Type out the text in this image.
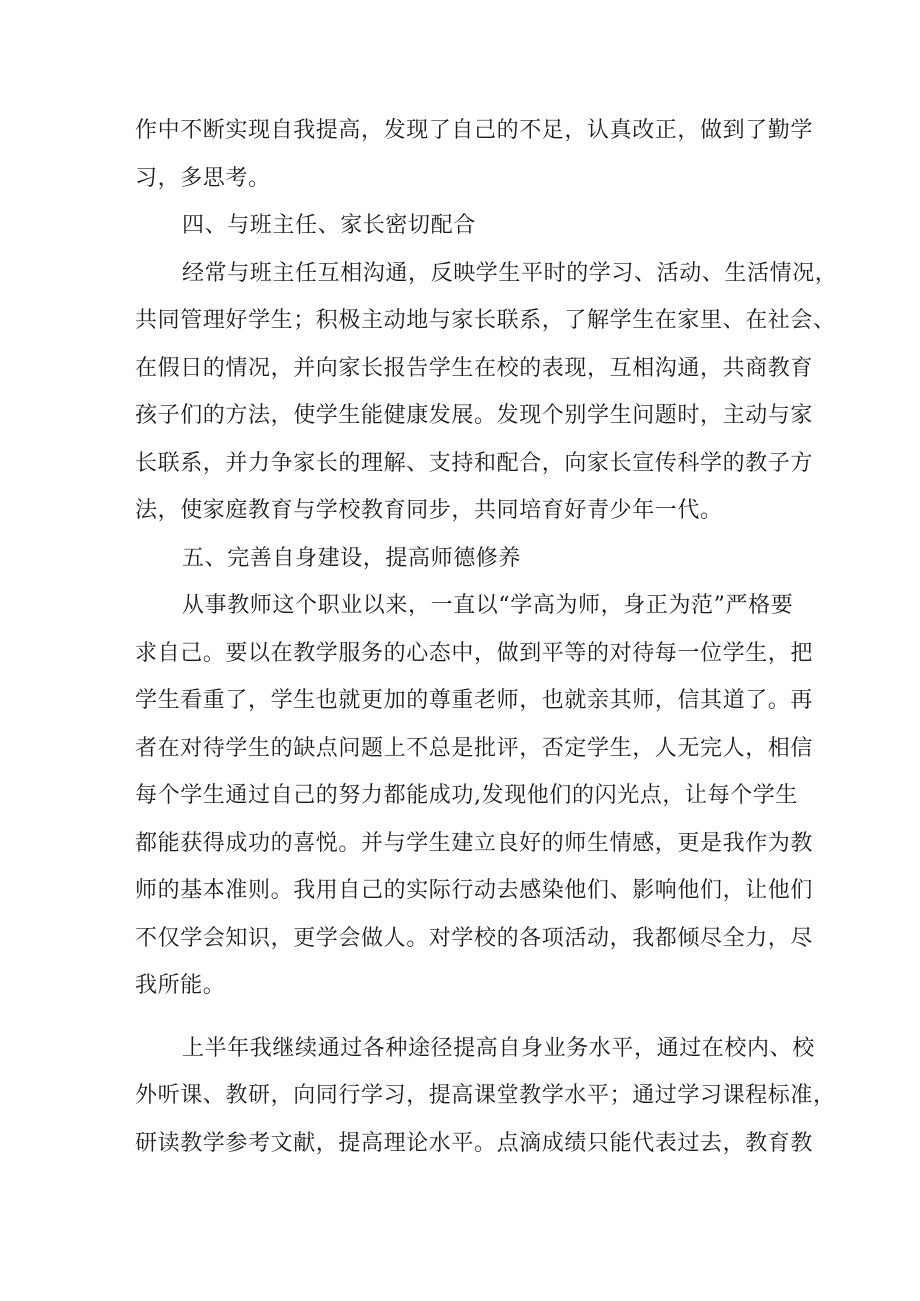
作中不断实现自我提高，发现了自己的不足，认真改正，做到了勤学

习，多思考。

四、与班主任、家长密切配合

经常与班主任互相沟通，反映学生平时的学习、活动、生活情况，

共同管理好学生；积极主动地与家长联系，了解学生在家里、在社会、

在假日的情况，并向家长报告学生在校的表现，互相沟通，共商教育

孩子们的方法，使学生能健康发展。发现个别学生问题时，主动与家

长联系，并力争家长的理解、支持和配合，向家长宣传科学的教子方

法，使家庭教育与学校教育同步，共同培育好青少年一代。

五、完善自身建设，提高师德修养

从事教师这个职业以来，一直以“学高为师，身正为范”严格要

求自己。要以在教学服务的心态中，做到平等的对待每一位学生，把

学生看重了，学生也就更加的尊重老师，也就亲其师，信其道了。再

者在对待学生的缺点问题上不总是批评，否定学生，人无完人，相信

每个学生通过自己的努力都能成功,发现他们的闪光点，让每个学生

都能获得成功的喜悦。并与学生建立良好的师生情感，更是我作为教

师的基本准则。我用自己的实际行动去感染他们、影响他们，让他们

不仅学会知识，更学会做人。对学校的各项活动，我都倾尽全力，尽

我所能。

上半年我继续通过各种途径提高自身业务水平，通过在校内、校

外听课、教研，向同行学习，提高课堂教学水平；通过学习课程标准，

研读教学参考文献，提高理论水平。点滴成绩只能代表过去，教育教
